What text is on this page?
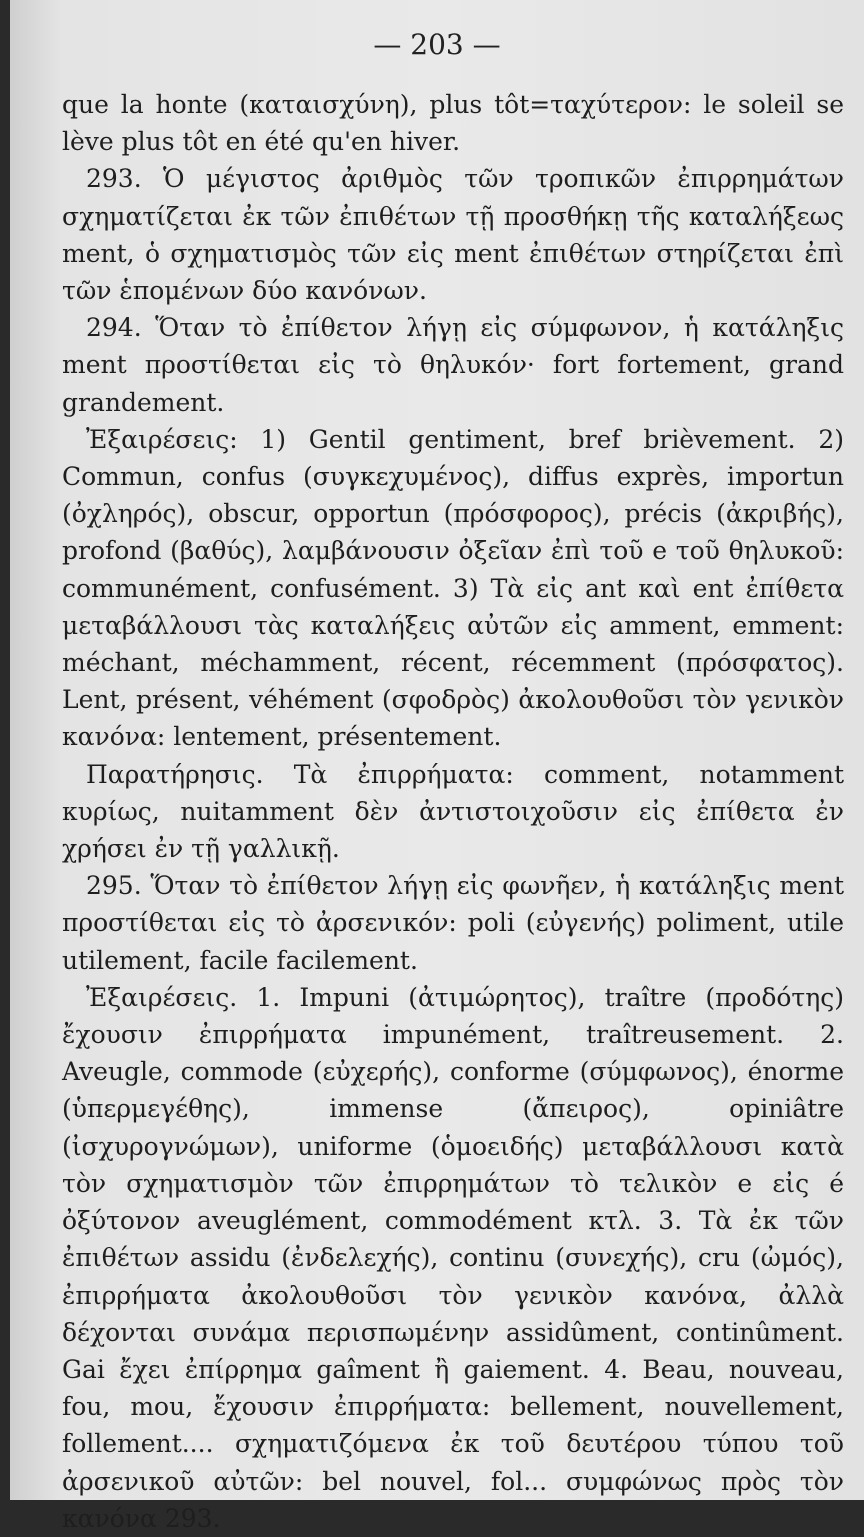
— 203 —

que la honte (καταισχύνη), plus tôt=ταχύτερον: le soleil se lève plus tôt en été qu'en hiver.

293. Ὁ μέγιστος ἀριθμὸς τῶν τροπικῶν ἐπιρρημάτων σχηματίζεται ἐκ τῶν ἐπιθέτων τῇ προσθήκῃ τῆς καταλήξεως ment, ὁ σχηματισμὸς τῶν εἰς ment ἐπιθέτων στηρίζεται ἐπὶ τῶν ἑπομένων δύο κανόνων.

294. Ὅταν τὸ ἐπίθετον λήγῃ εἰς σύμφωνον, ἡ κατάληξις ment προστίθεται εἰς τὸ θηλυκόν· fort fortement, grand grandement.

Ἐξαιρέσεις: 1) Gentil gentiment, bref brièvement. 2) Commun, confus (συγκεχυμένος), diffus exprès, importun (ὀχληρός), obscur, opportun (πρόσφορος), précis (ἀκριβής), profond (βαθύς), λαμβάνουσιν ὀξεῖαν ἐπὶ τοῦ e τοῦ θηλυκοῦ: communément, confusément. 3) Τὰ εἰς ant καὶ ent ἐπίθετα μεταβάλλουσι τὰς καταλήξεις αὐτῶν εἰς amment, emment: méchant, méchamment, récent, récemment (πρόσφατος). Lent, présent, véhément (σφοδρὸς) ἀκολουθοῦσι τὸν γενικὸν κανόνα: lentement, présentement.

Παρατήρησις. Τὰ ἐπιρρήματα: comment, notamment κυρίως, nuitamment δὲν ἀντιστοιχοῦσιν εἰς ἐπίθετα ἐν χρήσει ἐν τῇ γαλλικῇ.

295. Ὅταν τὸ ἐπίθετον λήγῃ εἰς φωνῆεν, ἡ κατάληξις ment προστίθεται εἰς τὸ ἀρσενικόν: poli (εὐγενής) poliment, utile utilement, facile facilement.

Ἐξαιρέσεις. 1. Impuni (ἀτιμώρητος), traître (προδότης) ἔχουσιν ἐπιρρήματα impunément, traîtreusement. 2. Aveugle, commode (εὐχερής), conforme (σύμφωνος), énorme (ὑπερμεγέθης), immense (ἄπειρος), opiniâtre (ἰσχυρογνώμων), uniforme (ὁμοειδής) μεταβάλλουσι κατὰ τὸν σχηματισμὸν τῶν ἐπιρρημάτων τὸ τελικὸν e εἰς é ὀξύτονον aveuglément, commodément κτλ. 3. Τὰ ἐκ τῶν ἐπιθέτων assidu (ἐνδελεχής), continu (συνεχής), cru (ὠμός), ἐπιρρήματα ἀκολουθοῦσι τὸν γενικὸν κανόνα, ἀλλὰ δέχονται συνάμα περισπωμένην assidûment, continûment. Gai ἔχει ἐπίρρημα gaîment ἢ gaiement. 4. Beau, nouveau, fou, mou, ἔχουσιν ἐπιρρήματα: bellement, nouvellement, follement.... σχηματιζόμενα ἐκ τοῦ δευτέρου τύπου τοῦ ἀρσενικοῦ αὐτῶν: bel nouvel, fol... συμφώνως πρὸς τὸν κανόνα 293.
